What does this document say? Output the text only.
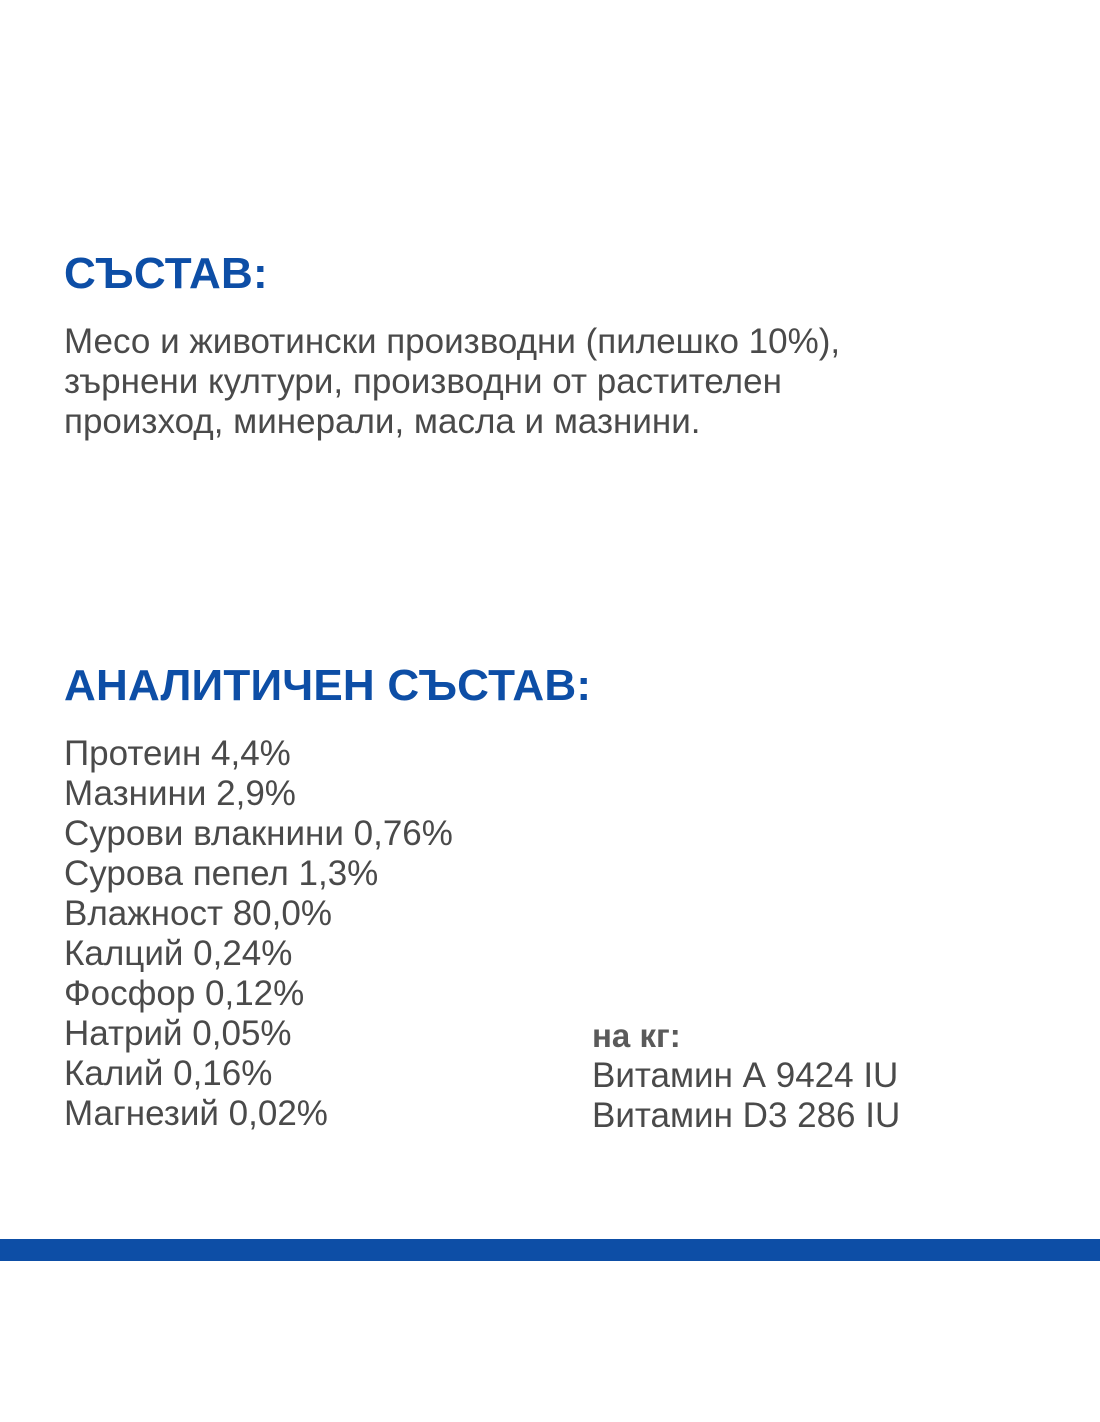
СЪСТАВ:

Месо и животински производни (пилешко 10%),
зърнени култури, производни от растителен
произход, минерали, масла и мазнини.

АНАЛИТИЧЕН СЪСТАВ:
Протеин 4,4%
Мазнини 2,9%
Сурови влакнини 0,76%
Сурова пепел 1,3%
Влажност 80,0%
Калций 0,24%
Фосфор 0,12%
Натрий 0,05%
Калий 0,16%
Магнезий 0,02%
на кг:
Витамин А 9424 IU
Витамин D3 286 IU
